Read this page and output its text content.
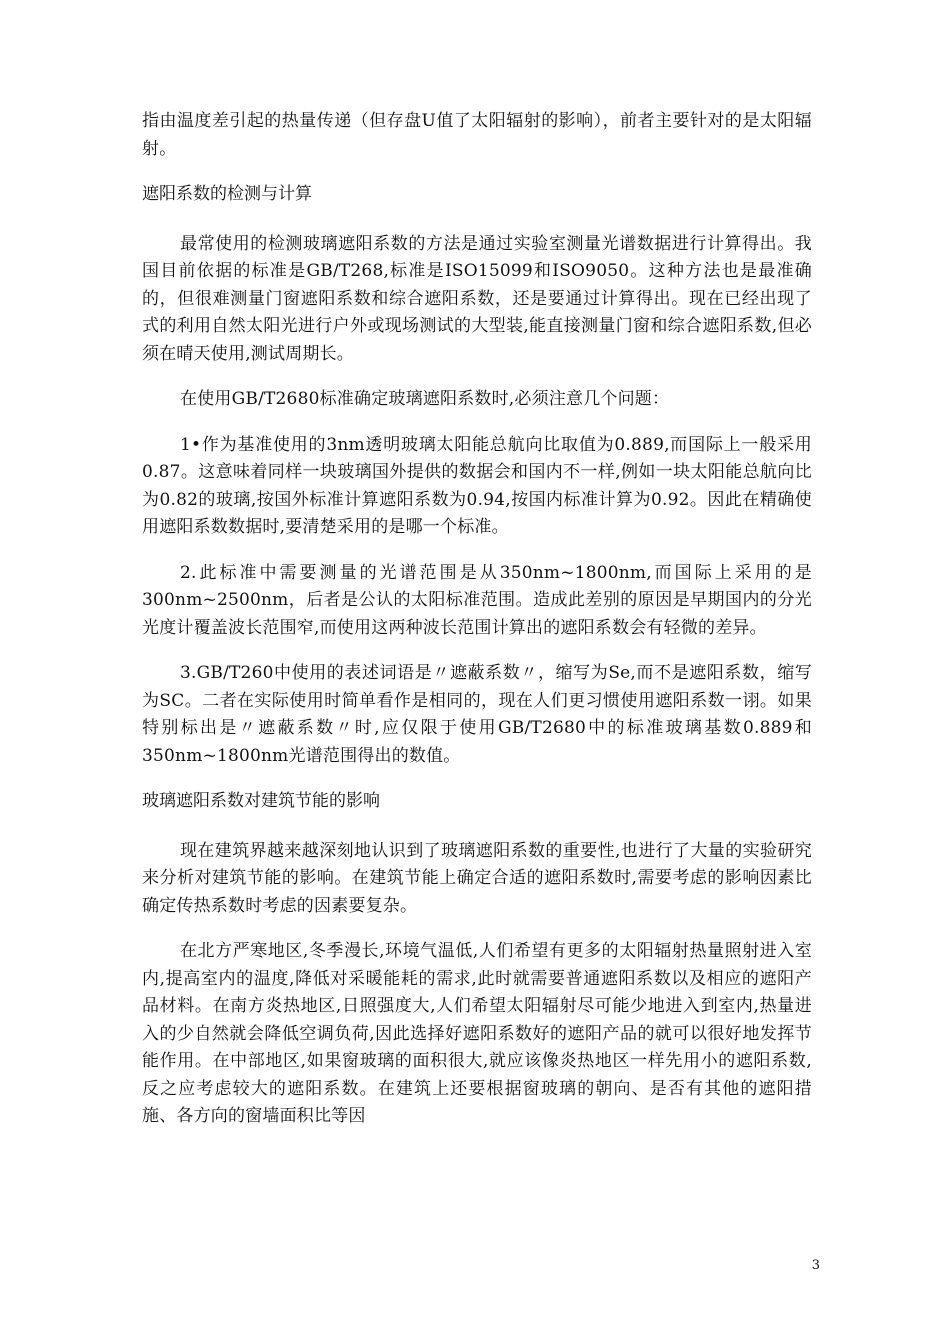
指由温度差引起的热量传递（但存盘U值了太阳辐射的影响），前者主要针对的是太阳辐射。

遮阳系数的检测与计算

最常使用的检测玻璃遮阳系数的方法是通过实验室测量光谱数据进行计算得出。我国目前依据的标准是GB/T268,标准是ISO15099和ISO9050。这种方法也是最准确的，但很难测量门窗遮阳系数和综合遮阳系数，还是要通过计算得出。现在已经出现了式的利用自然太阳光进行户外或现场测试的大型装,能直接测量门窗和综合遮阳系数,但必须在晴天使用,测试周期长。

在使用GB/T2680标准确定玻璃遮阳系数时,必须注意几个问题：

1•作为基准使用的3nm透明玻璃太阳能总航向比取值为0.889,而国际上一般采用0.87。这意味着同样一块玻璃国外提供的数据会和国内不一样,例如一块太阳能总航向比为0.82的玻璃,按国外标准计算遮阳系数为0.94,按国内标准计算为0.92。因此在精确使用遮阳系数数据时,要清楚采用的是哪一个标准。

2.此标准中需要测量的光谱范围是从350nm~1800nm,而国际上采用的是300nm~2500nm，后者是公认的太阳标准范围。造成此差别的原因是早期国内的分光光度计覆盖波长范围窄,而使用这两种波长范围计算出的遮阳系数会有轻微的差异。

3.GB/T260中使用的表述词语是〃遮蔽系数〃，缩写为Se,而不是遮阳系数，缩写为SC。二者在实际使用时简单看作是相同的，现在人们更习惯使用遮阳系数一诩。如果特别标出是〃遮蔽系数〃时,应仅限于使用GB/T2680中的标准玻璃基数0.889和350nm~1800nm光谱范围得出的数值。

玻璃遮阳系数对建筑节能的影响

现在建筑界越来越深刻地认识到了玻璃遮阳系数的重要性,也进行了大量的实验研究来分析对建筑节能的影响。在建筑节能上确定合适的遮阳系数时,需要考虑的影响因素比确定传热系数时考虑的因素要复杂。

在北方严寒地区,冬季漫长,环境气温低,人们希望有更多的太阳辐射热量照射进入室内,提高室内的温度,降低对采暖能耗的需求,此时就需要普通遮阳系数以及相应的遮阳产品材料。在南方炎热地区,日照强度大,人们希望太阳辐射尽可能少地进入到室内,热量进入的少自然就会降低空调负荷,因此选择好遮阳系数好的遮阳产品的就可以很好地发挥节能作用。在中部地区,如果窗玻璃的面积很大,就应该像炎热地区一样先用小的遮阳系数,反之应考虑较大的遮阳系数。在建筑上还要根据窗玻璃的朝向、是否有其他的遮阳措施、各方向的窗墙面积比等因

3
